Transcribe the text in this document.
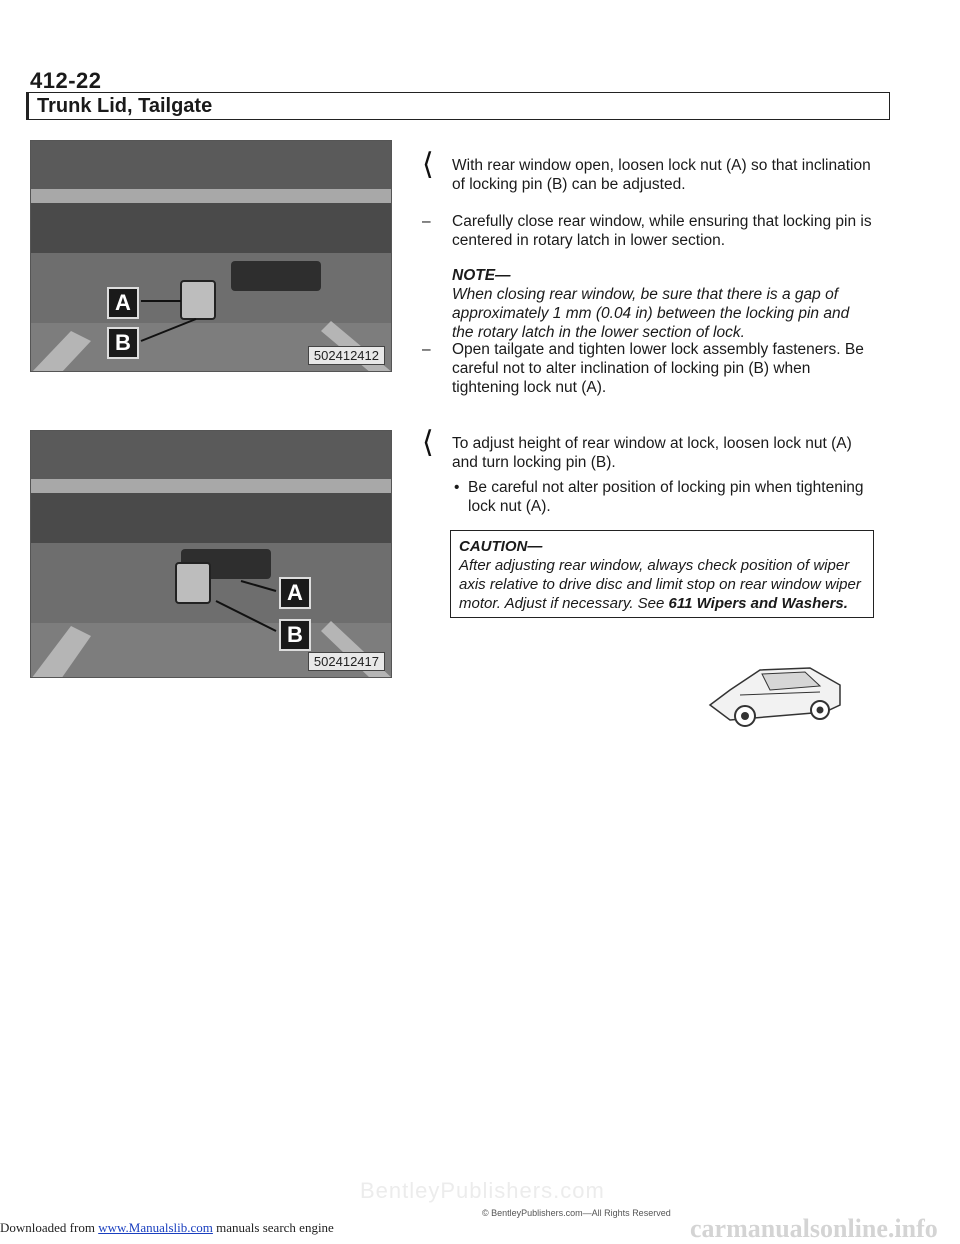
412-22
Trunk Lid, Tailgate
A
B
502412412
A
B
502412417
⟨ With rear window open, loosen lock nut (A) so that inclination of locking pin (B) can be adjusted.
– Carefully close rear window, while ensuring that locking pin is centered in rotary latch in lower section.
NOTE—
When closing rear window, be sure that there is a gap of approximately 1 mm (0.04 in) between the locking pin and the rotary latch in the lower section of lock.
– Open tailgate and tighten lower lock assembly fasteners. Be careful not to alter inclination of locking pin (B) when tightening lock nut (A).
⟨ To adjust height of rear window at lock, loosen lock nut (A) and turn locking pin (B).
• Be careful not alter position of locking pin when tightening lock nut (A).
CAUTION—
After adjusting rear window, always check position of wiper axis relative to drive disc and limit stop on rear window wiper motor. Adjust if necessary. See 611 Wipers and Washers.
BentleyPublishers.com
© BentleyPublishers.com—All Rights Reserved
Downloaded from www.Manualslib.com manuals search engine	carmanualsonline.info
